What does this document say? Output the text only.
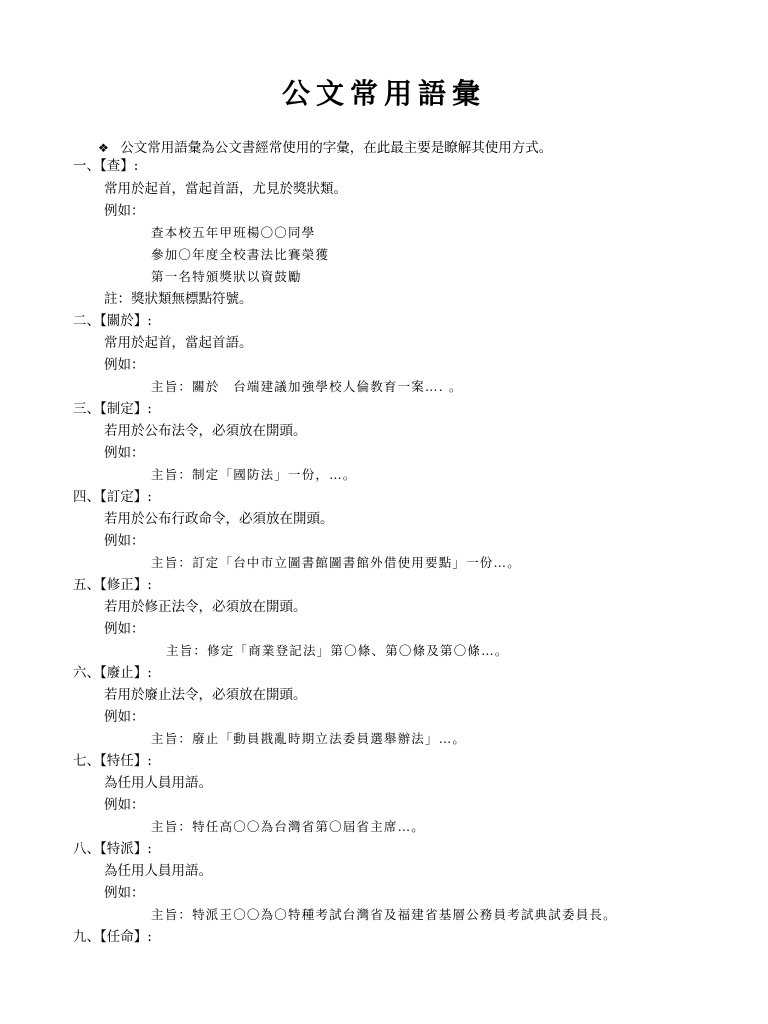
公文常用語彙
❖ 公文常用語彙為公文書經常使用的字彙，在此最主要是瞭解其使用方式。
一、【查】:
常用於起首，當起首語，尤見於獎狀類。
例如：
查本校五年甲班楊〇〇同學
參加〇年度全校書法比賽榮獲
第一名特頒獎狀以資鼓勵
註：獎狀類無標點符號。
二、【關於】:
常用於起首，當起首語。
例如：
主旨：關於　台端建議加強學校人倫教育一案…. 。
三、【制定】:
若用於公布法令，必須放在開頭。
例如：
主旨：制定「國防法」一份，…。
四、【訂定】:
若用於公布行政命令，必須放在開頭。
例如：
主旨：訂定「台中市立圖書館圖書館外借使用要點」一份…。
五、【修正】:
若用於修正法令，必須放在開頭。
例如：
主旨：修定「商業登記法」第〇條、第〇條及第〇條…。
六、【廢止】:
若用於廢止法令，必須放在開頭。
例如：
主旨：廢止「動員戡亂時期立法委員選舉辦法」…。
七、【特任】:
為任用人員用語。
例如：
主旨：特任高〇〇為台灣省第〇屆省主席…。
八、【特派】:
為任用人員用語。
例如：
主旨：特派王〇〇為〇特種考試台灣省及福建省基層公務員考試典試委員長。
九、【任命】:
